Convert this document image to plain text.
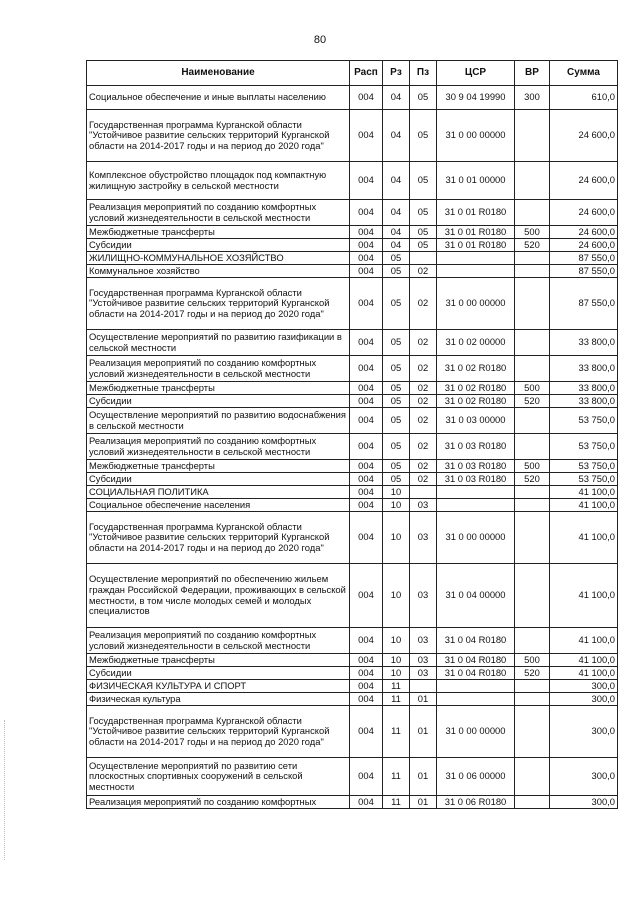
80
Наименование	Расп	Рз	Пз	ЦСР	ВР	Сумма
Социальное обеспечение и иные выплаты населению	004	04	05	30 9 04 19990	300	610,0
Государственная программа Курганской области "Устойчивое развитие сельских территорий Курганской области на 2014-2017 годы и на период до 2020 года"	004	04	05	31 0 00 00000		24 600,0
Комплексное обустройство площадок под компактную жилищную застройку в сельской местности	004	04	05	31 0 01 00000		24 600,0
Реализация мероприятий по созданию комфортных условий жизнедеятельности в сельской местности	004	04	05	31 0 01 R0180		24 600,0
Межбюджетные трансферты	004	04	05	31 0 01 R0180	500	24 600,0
Субсидии	004	04	05	31 0 01 R0180	520	24 600,0
ЖИЛИЩНО-КОММУНАЛЬНОЕ ХОЗЯЙСТВО	004	05				87 550,0
Коммунальное хозяйство	004	05	02			87 550,0
Государственная программа Курганской области "Устойчивое развитие сельских территорий Курганской области на 2014-2017 годы и на период до 2020 года"	004	05	02	31 0 00 00000		87 550,0
Осуществление мероприятий по развитию газификации в сельской местности	004	05	02	31 0 02 00000		33 800,0
Реализация мероприятий по созданию комфортных условий жизнедеятельности в сельской местности	004	05	02	31 0 02 R0180		33 800,0
Межбюджетные трансферты	004	05	02	31 0 02 R0180	500	33 800,0
Субсидии	004	05	02	31 0 02 R0180	520	33 800,0
Осуществление мероприятий по развитию водоснабжения в сельской местности	004	05	02	31 0 03 00000		53 750,0
Реализация мероприятий по созданию комфортных условий жизнедеятельности в сельской местности	004	05	02	31 0 03 R0180		53 750,0
Межбюджетные трансферты	004	05	02	31 0 03 R0180	500	53 750,0
Субсидии	004	05	02	31 0 03 R0180	520	53 750,0
СОЦИАЛЬНАЯ ПОЛИТИКА	004	10				41 100,0
Социальное обеспечение населения	004	10	03			41 100,0
Государственная программа Курганской области "Устойчивое развитие сельских территорий Курганской области на 2014-2017 годы и на период до 2020 года"	004	10	03	31 0 00 00000		41 100,0
Осуществление мероприятий по обеспечению жильем граждан Российской Федерации, проживающих в сельской местности, в том числе молодых семей и молодых специалистов	004	10	03	31 0 04 00000		41 100,0
Реализация мероприятий по созданию комфортных условий жизнедеятельности в сельской местности	004	10	03	31 0 04 R0180		41 100,0
Межбюджетные трансферты	004	10	03	31 0 04 R0180	500	41 100,0
Субсидии	004	10	03	31 0 04 R0180	520	41 100,0
ФИЗИЧЕСКАЯ КУЛЬТУРА И СПОРТ	004	11				300,0
Физическая культура	004	11	01			300,0
Государственная программа Курганской области "Устойчивое развитие сельских территорий Курганской области на 2014-2017 годы и на период до 2020 года"	004	11	01	31 0 00 00000		300,0
Осуществление мероприятий по развитию сети плоскостных спортивных сооружений в сельской местности	004	11	01	31 0 06 00000		300,0
Реализация мероприятий по созданию комфортных	004	11	01	31 0 06 R0180		300,0
